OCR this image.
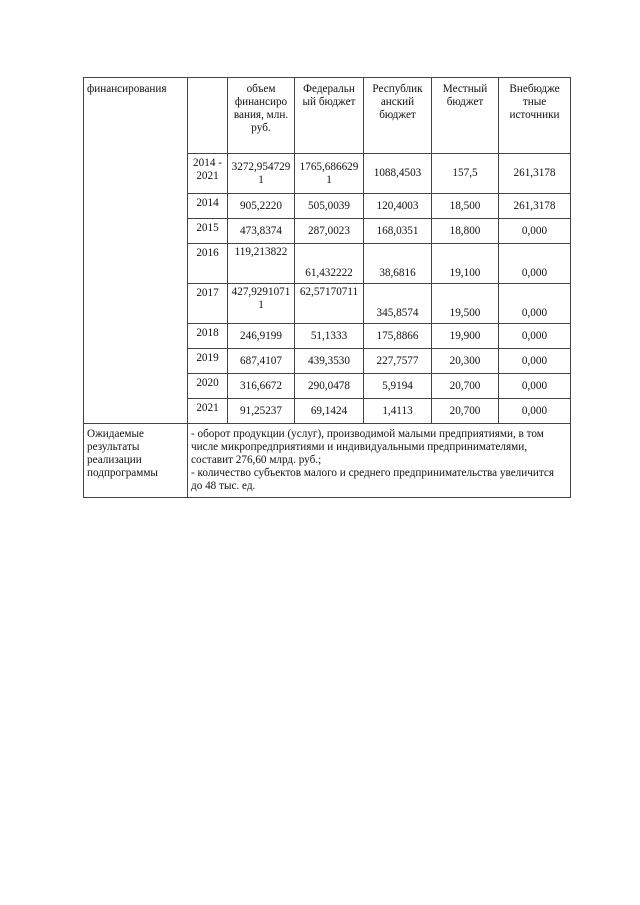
финансирования		объем финансиро вания, млн. руб.	Федеральн ый бюджет	Республик анский бюджет	Местный бюджет	Внебюдже тные источники
	2014 - 2021	3272,9547291	1765,6866291	1088,4503	157,5	261,3178
	2014	905,2220	505,0039	120,4003	18,500	261,3178
	2015	473,8374	287,0023	168,0351	18,800	0,000
	2016	119,213822	61,432222	38,6816	19,100	0,000
	2017	427,92910711	62,57170711	345,8574	19,500	0,000
	2018	246,9199	51,1333	175,8866	19,900	0,000
	2019	687,4107	439,3530	227,7577	20,300	0,000
	2020	316,6672	290,0478	5,9194	20,700	0,000
	2021	91,25237	69,1424	1,4113	20,700	0,000
Ожидаемые результаты реализации подпрограммы	- оборот продукции (услуг), производимой малыми предприятиями, в том числе микропредприятиями и индивидуальными предпринимателями, составит 276,60 млрд. руб.;
- количество субъектов малого и среднего предпринимательства увеличится до 48 тыс. ед.					
